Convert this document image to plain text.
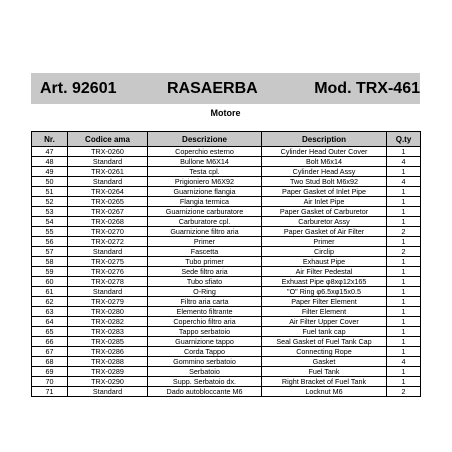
Art. 92601	RASAERBA	Mod. TRX-461
Motore
Nr.	Codice ama	Descrizione	Description	Q.ty
47	TRX-0260	Coperchio esterno	Cylinder Head Outer Cover	1
48	Standard	Bullone M6X14	Bolt M6x14	4
49	TRX-0261	Testa cpl.	Cylinder Head Assy	1
50	Standard	Prigioniero M6X92	Two Stud Bolt M6x92	4
51	TRX-0264	Guarnizione flangia	Paper Gasket of Inlet Pipe	1
52	TRX-0265	Flangia termica	Air Inlet Pipe	1
53	TRX-0267	Guarnizione carburatore	Paper Gasket of Carburetor	1
54	TRX-0268	Carburatore cpl.	Carburetor Assy	1
55	TRX-0270	Guarnizione filtro aria	Paper Gasket of Air Filter	2
56	TRX-0272	Primer	Primer	1
57	Standard	Fascetta	Circlip	2
58	TRX-0275	Tubo primer	Exhaust Pipe	1
59	TRX-0276	Sede filtro aria	Air Filter Pedestal	1
60	TRX-0278	Tubo sfiato	Exhuast Pipe φ8xφ12x165	1
61	Standard	O-Ring	"O" Ring φ6.5xφ15x0.5	1
62	TRX-0279	Filtro aria carta	Paper Filter Element	1
63	TRX-0280	Elemento filtrante	Filter Element	1
64	TRX-0282	Coperchio filtro aria	Air Filter Upper Cover	1
65	TRX-0283	Tappo serbatoio	Fuel tank cap	1
66	TRX-0285	Guarnizione tappo	Seal Gasket of Fuel Tank Cap	1
67	TRX-0286	Corda Tappo	Connecting Rope	1
68	TRX-0288	Gommino serbatoio	Gasket	4
69	TRX-0289	Serbatoio	Fuel Tank	1
70	TRX-0290	Supp. Serbatoio dx.	Right Bracket of Fuel Tank	1
71	Standard	Dado autobloccante M6	Locknut M6	2
